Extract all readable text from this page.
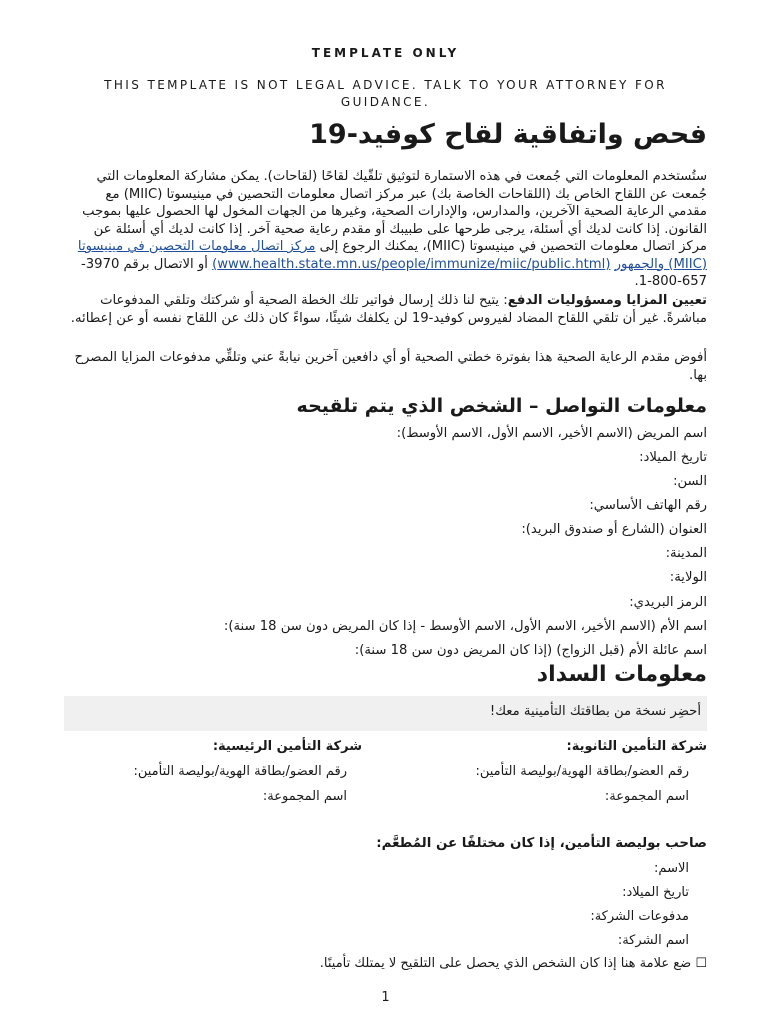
TEMPLATE ONLY
THIS TEMPLATE IS NOT LEGAL ADVICE. TALK TO YOUR ATTORNEY FOR GUIDANCE.
فحص واتفاقية لقاح كوفيد-19
ستُستخدم المعلومات التي جُمعت في هذه الاستمارة لتوثيق تلقّيك لقاحًا (لقاحات). يمكن مشاركة المعلومات التي جُمعت عن اللقاح الخاص بك (اللقاحات الخاصة بك) عبر مركز اتصال معلومات التحصين في مينيسوتا (MIIC) مع مقدمي الرعاية الصحية الآخرين، والمدارس، والإدارات الصحية، وغيرها من الجهات المخول لها الحصول عليها بموجب القانون. إذا كانت لديك أي أسئلة، يرجى طرحها على طبيبك أو مقدم رعاية صحية آخر. إذا كانت لديك أي أسئلة عن مركز اتصال معلومات التحصين في مينيسوتا (MIIC)، يمكنك الرجوع إلى مركز اتصال معلومات التحصين في مينيسوتا (MIIC) والجمهور (www.health.state.mn.us/people/immunize/miic/public.html) أو الاتصال برقم 3970-657-800-1.
تعيين المزايا ومسؤوليات الدفع: يتيح لنا ذلك إرسال فواتير تلك الخطة الصحية أو شركتك وتلقي المدفوعات مباشرةً. غير أن تلقي اللقاح المضاد لفيروس كوفيد-19 لن يكلفك شيئًا، سواءً كان ذلك عن اللقاح نفسه أو عن إعطائه.
أفوض مقدم الرعاية الصحية هذا بفوترة خطتي الصحية أو أي دافعين آخرين نيابةً عني وتلقِّي مدفوعات المزايا المصرح بها.
معلومات التواصل – الشخص الذي يتم تلقيحه
اسم المريض (الاسم الأخير، الاسم الأول، الاسم الأوسط):
تاريخ الميلاد:
السن:
رقم الهاتف الأساسي:
العنوان (الشارع أو صندوق البريد):
المدينة:
الولاية:
الرمز البريدي:
اسم الأم (الاسم الأخير، الاسم الأول، الاسم الأوسط - إذا كان المريض دون سن 18 سنة):
اسم عائلة الأم (قبل الزواج) (إذا كان المريض دون سن 18 سنة):
معلومات السداد
أحضِر نسخة من بطاقتك التأمينية معك!
شركة التأمين الثانوية:
رقم العضو/بطاقة الهوية/بوليصة التأمين:
اسم المجموعة:
شركة التأمين الرئيسية:
رقم العضو/بطاقة الهوية/بوليصة التأمين:
اسم المجموعة:
صاحب بوليصة التأمين، إذا كان مختلفًا عن المُطعَّم:
الاسم:
تاريخ الميلاد:
مدفوعات الشركة:
اسم الشركة:
☐ ضع علامة هنا إذا كان الشخص الذي يحصل على التلقيح لا يمتلك تأمينًا.
1
